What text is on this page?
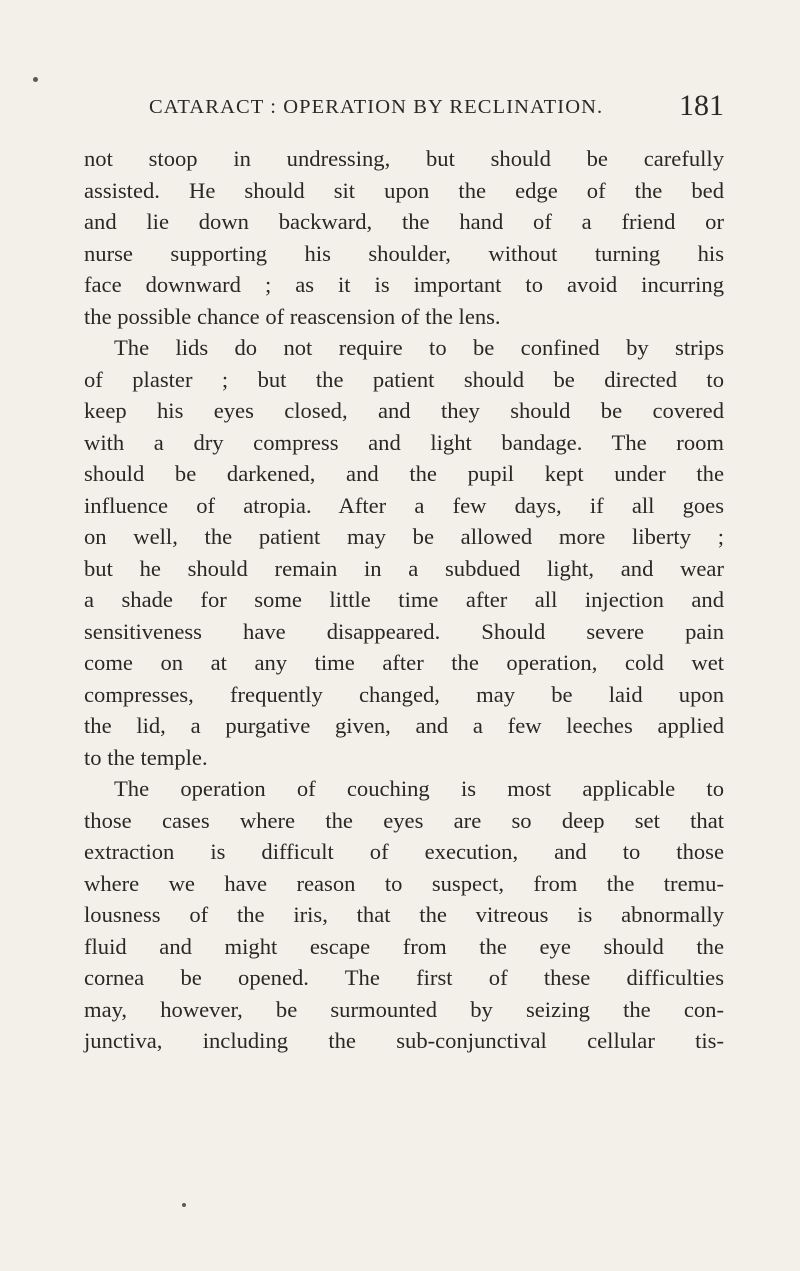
CATARACT : OPERATION BY RECLINATION.	181
not stoop in undressing, but should be carefully
assisted. He should sit upon the edge of the bed
and lie down backward, the hand of a friend or
nurse supporting his shoulder, without turning his
face downward ; as it is important to avoid incurring
the possible chance of reascension of the lens.
The lids do not require to be confined by strips
of plaster ; but the patient should be directed to
keep his eyes closed, and they should be covered
with a dry compress and light bandage. The room
should be darkened, and the pupil kept under the
influence of atropia. After a few days, if all goes
on well, the patient may be allowed more liberty ;
but he should remain in a subdued light, and wear
a shade for some little time after all injection and
sensitiveness have disappeared. Should severe pain
come on at any time after the operation, cold wet
compresses, frequently changed, may be laid upon
the lid, a purgative given, and a few leeches applied
to the temple.
The operation of couching is most applicable to
those cases where the eyes are so deep set that
extraction is difficult of execution, and to those
where we have reason to suspect, from the tremu-
lousness of the iris, that the vitreous is abnormally
fluid and might escape from the eye should the
cornea be opened. The first of these difficulties
may, however, be surmounted by seizing the con-
junctiva, including the sub-conjunctival cellular tis-
